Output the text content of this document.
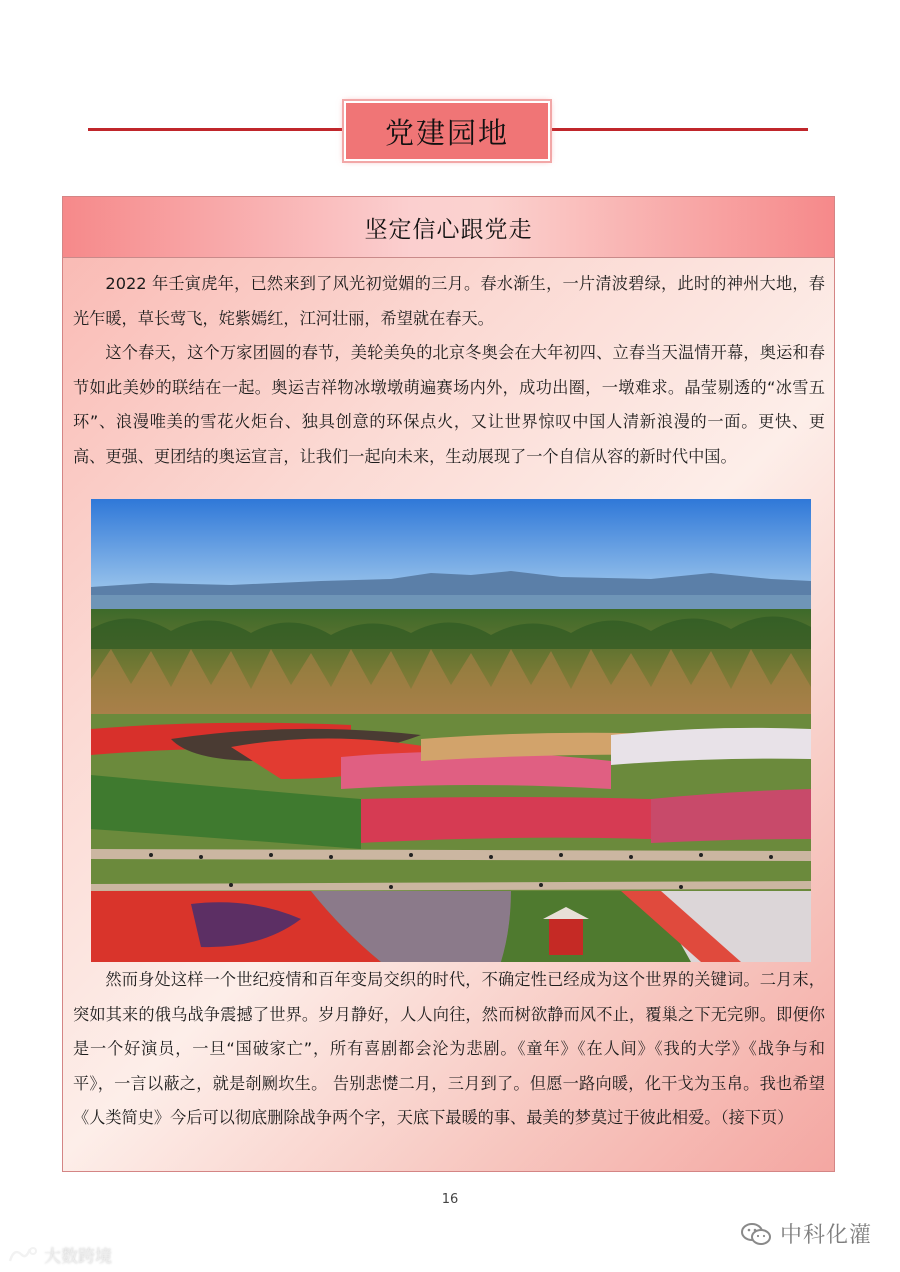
党建园地
坚定信心跟党走

2022 年壬寅虎年，已然来到了风光初觉媚的三月。春水渐生，一片清波碧绿，此时的神州大地，春光乍暖，草长莺飞，姹紫嫣红，江河壮丽，希望就在春天。

这个春天，这个万家团圆的春节，美轮美奂的北京冬奥会在大年初四、立春当天温情开幕，奥运和春节如此美妙的联结在一起。奥运吉祥物冰墩墩萌遍赛场内外，成功出圈，一墩难求。晶莹剔透的“冰雪五环”、浪漫唯美的雪花火炬台、独具创意的环保点火，又让世界惊叹中国人清新浪漫的一面。更快、更高、更强、更团结的奥运宣言，让我们一起向未来，生动展现了一个自信从容的新时代中国。

然而身处这样一个世纪疫情和百年变局交织的时代，不确定性已经成为这个世界的关键词。二月末，突如其来的俄乌战争震撼了世界。岁月静好，人人向往，然而树欲静而风不止，覆巢之下无完卵。即便你是一个好演员，一旦“国破家亡”，所有喜剧都会沦为悲剧。《童年》《在人间》《我的大学》《战争与和平》，一言以蔽之，就是剞劂坎生。 告别悲憷二月，三月到了。但愿一路向暖，化干戈为玉帛。我也希望《人类简史》今后可以彻底删除战争两个字，天底下最暖的事、最美的梦莫过于彼此相爱。（接下页）

16
大数跨境
中科化灌
